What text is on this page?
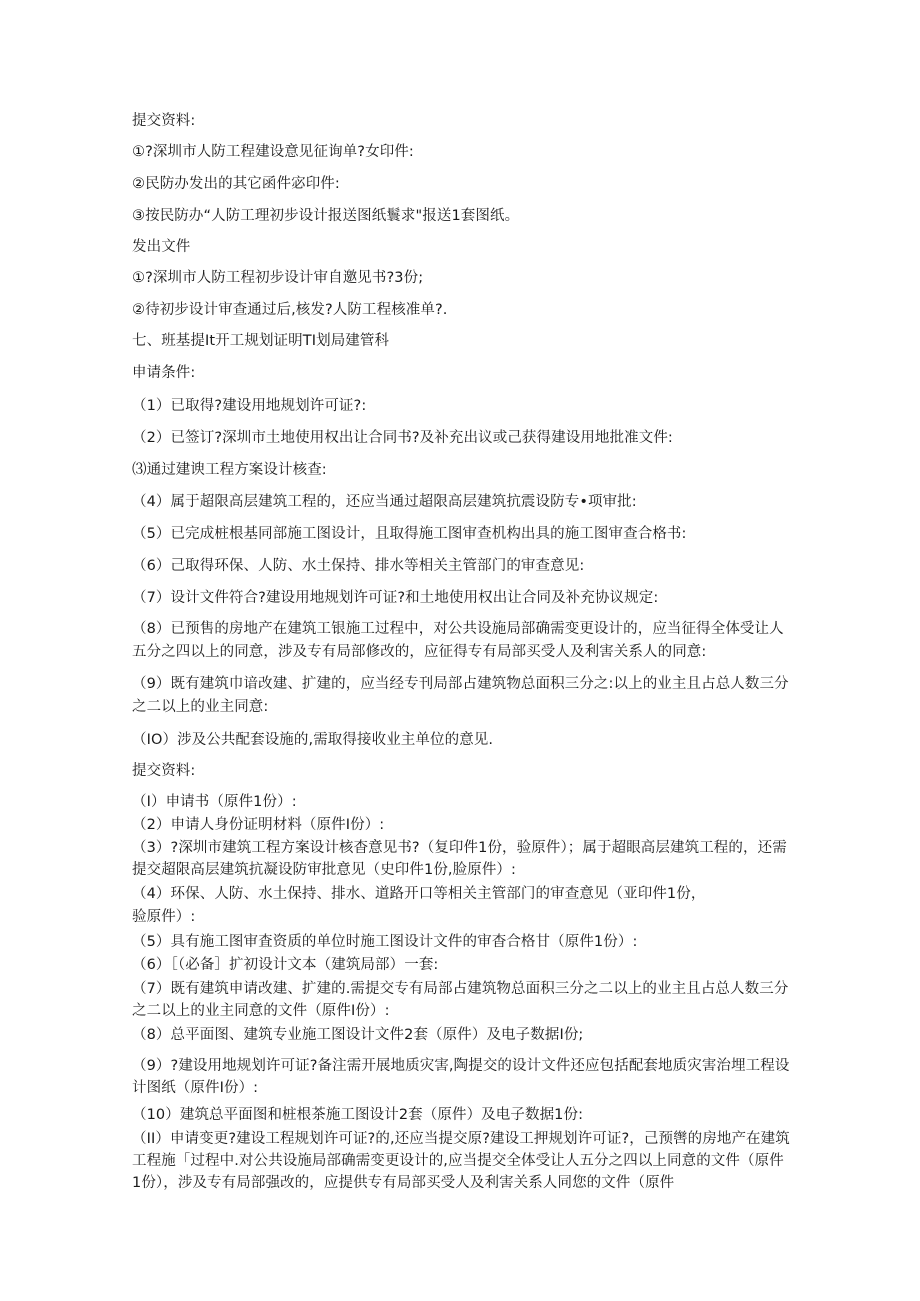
提交资料:
①?深圳市人防工程建设意见征询单?女印件:
②民防办发出的其它函件宓印件:
③按民防办“人防工理初步设计报送图纸鬟求"报送1套图纸。
发出文件
①?深圳市人防工程初步设计审自邀见书?3份;
②待初步设计审查通过后,核发?人防工程核准单?.
七、班基提It开工规划证明TI划局建管科
申请条件:
（1）已取得?建设用地规划许可证?:
（2）已签订?深圳市土地使用权出让合同书?及补充出议或己获得建设用地批准文件:
⑶通过建谀工程方案设计核查:
（4）属于超限高层建筑工程的，还应当通过超限高层建筑抗震设防专•项审批:
（5）已完成桩根基同部施工图设计，且取得施工图审查机构出具的施工图审查合格书:
（6）己取得环保、人防、水土保持、排水等相关主管部门的审查意见:
（7）设计文件符合?建设用地规划许可证?和土地使用权出让合同及补充协议规定:
（8）已预售的房地产在建筑工银施工过程中，对公共设施局部确需变更设计的，应当征得全体受让人五分之四以上的同意，涉及专有局部修改的，应征得专有局部买受人及利害关系人的同意:
（9）既有建筑巾谙改建、扩建的，应当经专刊局部占建筑物总面积三分之:以上的业主且占总人数三分之二以上的业主同意:
（IO）涉及公共配套设施的,需取得接收业主单位的意见.
提交资料:
（I）申请书（原件1份）:
（2）申请人身份证明材料（原件I份）:
（3）?深圳市建筑工程方案设计核杳意见书?（复印件1份，验原件）；属于超眼高层建筑工程的，还需提交超限高层建筑抗凝设防审批意见（史印件1份,脸原件）:
（4）环保、人防、水土保持、排水、道路开口等相关主管部门的审查意见（亚印件1份，
验原件）:
（5）具有施工图审査资质的单位时施工图设计文件的审杳合格甘（原件1份）:
（6）［（必备］扩初设计文本（建筑局部）一套:
（7）既有建筑申请改建、扩建的.需提交专有局部占建筑物总面积三分之二以上的业主且占总人数三分之二以上的业主同意的文件（原件I份）:
（8）总平面图、建筑专业施工图设计文件2套（原件）及电子数据I份;
（9）?建设用地规划许可证?备注需开展地质灾害,陶提交的设计文件还应包括配套地质灾害治埋工程设计图纸（原件I份）:
（10）建筑总平面图和桩根茶施工图设计2套（原件）及电子数据1份:
（II）申请变更?建设工程规划许可证?的,还应当提交原?建设工押规划许可证?，己预辔的房地产在建筑工程施「过程中.对公共设施局部确需变更设计的,应当提交全体受让人五分之四以上同意的文件（原件1份），涉及专有局部强改的，应提供专有局部买受人及利害关系人同您的文件（原件
